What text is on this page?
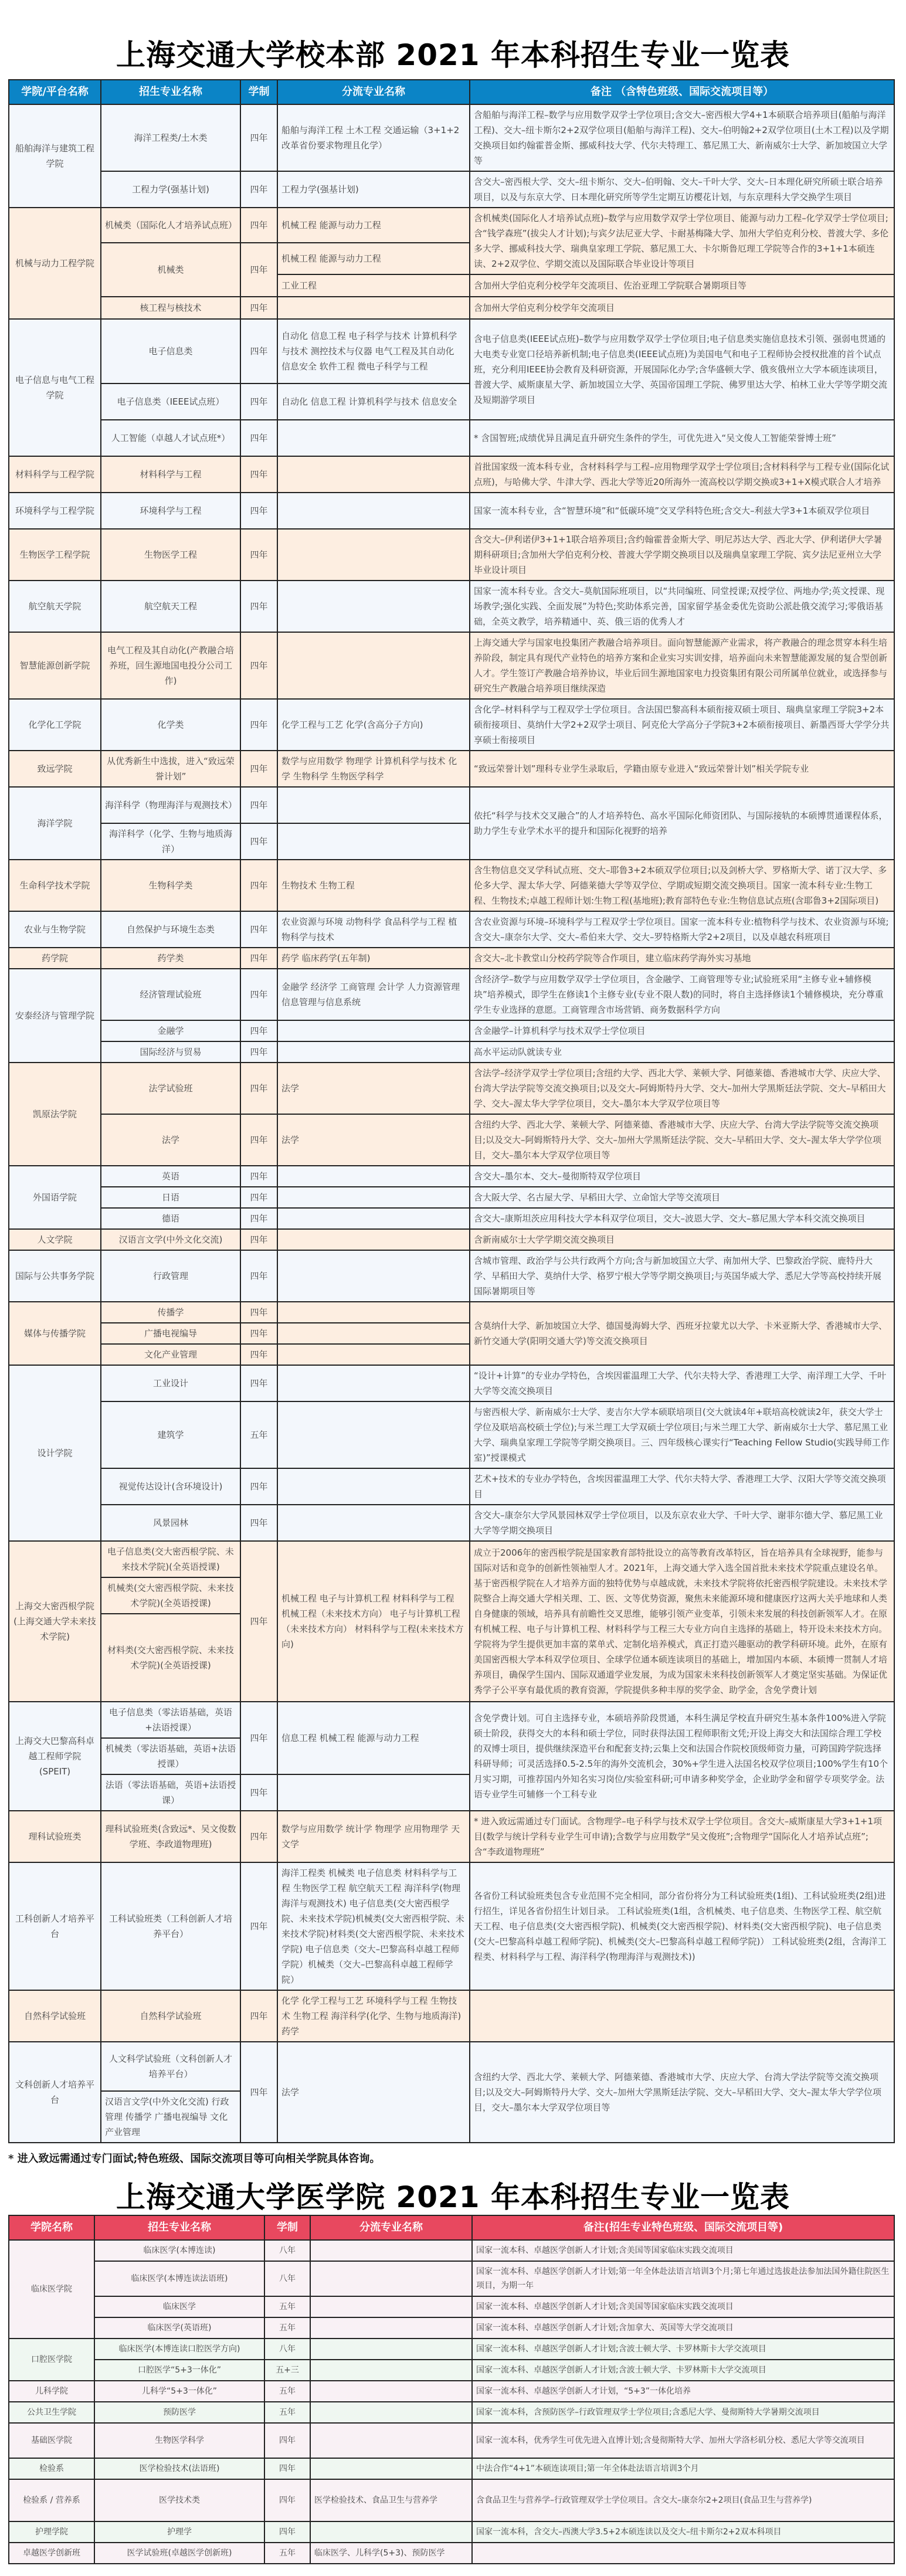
上海交通大学校本部 2021 年本科招生专业一览表
学院/平台名称	招生专业名称	学制	分流专业名称	备注 （含特色班级、国际交流项目等）
船舶海洋与建筑工程学院	海洋工程类/土木类	四年	船舶与海洋工程 土木工程 交通运输（3+1+2改革省份要求物理且化学）	含船舶与海洋工程–数学与应用数学双学士学位项目;含交大–密西根大学4+1本硕联合培养项目(船舶与海洋工程)、交大–纽卡斯尔2+2双学位项目(船舶与海洋工程)、交大–伯明翰2+2双学位项目(土木工程)以及学期交换项目如约翰霍普金斯、挪威科技大学、代尔夫特理工、慕尼黑工大、新南威尔士大学、新加坡国立大学等
	工程力学(强基计划)	四年	工程力学(强基计划)	含交大–密西根大学、交大–纽卡斯尔、交大–伯明翰、交大–千叶大学、交大–日本理化研究所硕士联合培养项目，以及与东京大学、日本理化研究所等学生定期互访樱花计划，与东京理科大学交换学生项目
机械与动力工程学院	机械类（国际化人才培养试点班）	四年	机械工程 能源与动力工程	含机械类(国际化人才培养试点班)–数学与应用数学双学士学位项目、能源与动力工程–化学双学士学位项目;含“钱学森班”(拔尖人才计划);与宾夕法尼亚大学、卡耐基梅隆大学、加州大学伯克利分校、普渡大学、多伦多大学、挪威科技大学、瑞典皇家理工学院、慕尼黑工大、卡尔斯鲁厄理工学院等合作的3+1+1本硕连读、2+2双学位、学期交流以及国际联合毕业设计等项目
	机械类	四年	机械工程 能源与动力工程	
			工业工程	含加州大学伯克利分校学年交流项目、佐治亚理工学院联合暑期项目等
	核工程与核技术	四年		含加州大学伯克利分校学年交流项目
电子信息与电气工程学院	电子信息类	四年	自动化 信息工程 电子科学与技术 计算机科学与技术 测控技术与仪器 电气工程及其自动化 信息安全 软件工程 微电子科学与工程	含电子信息类(IEEE试点班)–数学与应用数学双学士学位项目;电子信息类实施信息技术引领、强弱电贯通的大电类专业宽口径培养新机制;电子信息类(IEEE试点班)为美国电气和电子工程师协会授权批准的首个试点班，充分利用IEEE协会教育及科研资源，开展国际化办学;含华盛顿大学、俄亥俄州立大学本硕连读项目，普渡大学、威斯康星大学、新加坡国立大学、英国帝国理工学院、佛罗里达大学、柏林工业大学等学期交流及短期游学项目
	电子信息类（IEEE试点班）	四年	自动化 信息工程 计算机科学与技术 信息安全	
	人工智能（卓越人才试点班*）	四年		* 含国智班;成绩优异且满足直升研究生条件的学生，可优先进入“吴文俊人工智能荣誉博士班”
材料科学与工程学院	材料科学与工程	四年		首批国家级一流本科专业，含材料科学与工程–应用物理学双学士学位项目;含材料科学与工程专业(国际化试点班)，与哈佛大学、牛津大学、西北大学等近20所海外一流高校以学期交换或3+1+X模式联合人才培养
环境科学与工程学院	环境科学与工程	四年		国家一流本科专业，含“智慧环境”和“低碳环境”交叉学科特色班;含交大–利兹大学3+1本硕双学位项目
生物医学工程学院	生物医学工程	四年		含交大–伊利诺伊3+1+1联合培养项目;含约翰霍普金斯大学、明尼苏达大学、西北大学、伊利诺伊大学暑期科研项目;含加州大学伯克利分校、普渡大学学期交换项目以及瑞典皇家理工学院、宾夕法尼亚州立大学毕业设计项目
航空航天学院	航空航天工程	四年		国家一流本科专业。含交大–莫航国际班项目，以“共同编班、同堂授课;双授学位、两地办学;英文授课、现场教学;强化实践、全面发展”为特色;奖助体系完善，国家留学基金委优先资助公派赴俄交流学习;零俄语基础，全英文教学，培养精通中、英、俄三语的优秀人才
智慧能源创新学院	电气工程及其自动化(产教融合培养班，回生源地国电投分公司工作)	四年		上海交通大学与国家电投集团产教融合培养项目。面向智慧能源产业需求，将产教融合的理念贯穿本科生培养阶段，制定具有现代产业特色的培养方案和企业实习实训安排，培养面向未来智慧能源发展的复合型创新人才。学生签订产教融合培养协议，毕业后回生源地国家电力投资集团有限公司所属单位就业，或选择参与研究生产教融合培养项目继续深造
化学化工学院	化学类	四年	化学工程与工艺 化学(含高分子方向)	含化学–材料科学与工程双学士学位项目。含法国巴黎高科本硕衔接双硕士项目、瑞典皇家理工学院3+2本硕衔接项目、莫纳什大学2+2双学士项目、阿克伦大学高分子学院3+2本硕衔接项目、新墨西哥大学学分共享硕士衔接项目
致远学院	从优秀新生中选拔，进入“致远荣誉计划”	四年	数学与应用数学 物理学 计算机科学与技术 化学 生物科学 生物医学科学	“致远荣誉计划”理科专业学生录取后，学籍由原专业进入“致远荣誉计划”相关学院专业
海洋学院	海洋科学（物理海洋与观测技术）	四年		依托“科学与技术交叉融合”的人才培养特色、高水平国际化师资团队、与国际接轨的本硕博贯通课程体系，助力学生专业学术水平的提升和国际化视野的培养
	海洋科学（化学、生物与地质海洋）	四年		
生命科学技术学院	生物科学类	四年	生物技术 生物工程	含生物信息交叉学科试点班、交大–耶鲁3+2本硕双学位项目;以及剑桥大学、罗格斯大学、诺丁汉大学、多伦多大学、渥太华大学、阿德莱德大学等双学位、学期或短期交流交换项目。国家一流本科专业:生物工程、生物技术;卓越工程师计划:生物工程(基地班);教育部特色专业:生物信息试点班(含耶鲁3+2国际项目)
农业与生物学院	自然保护与环境生态类	四年	农业资源与环境 动物科学 食品科学与工程 植物科学与技术	含农业资源与环境–环境科学与工程双学士学位项目。国家一流本科专业:植物科学与技术、农业资源与环境;含交大–康奈尔大学、交大–希伯来大学、交大–罗特格斯大学2+2项目，以及卓越农科班项目
药学院	药学类	四年	药学 临床药学(五年制)	含交大–北卡教堂山分校药学院等合作项目，建立临床药学海外实习基地
安泰经济与管理学院	经济管理试验班	四年	金融学 经济学 工商管理 会计学 人力资源管理 信息管理与信息系统	含经济学–数学与应用数学双学士学位项目，含金融学、工商管理等专业;试验班采用“主修专业+辅修模块”培养模式，即学生在修读1个主修专业(专业不限人数)的同时，将自主选择修读1个辅修模块，充分尊重学生专业选择的意愿。工商管理含市场营销、商务数据科学方向
	金融学	四年		含金融学–计算机科学与技术双学士学位项目
	国际经济与贸易	四年		高水平运动队就读专业
凯原法学院	法学试验班	四年	法学	含法学–经济学双学士学位项目;含纽约大学、西北大学、莱顿大学、阿德莱德、香港城市大学、庆应大学、台湾大学法学院等交流交换项目;以及交大–阿姆斯特丹大学、交大–加州大学黑斯廷法学院、交大–早稻田大学、交大–渥太华大学学位项目，交大–墨尔本大学双学位项目等
	法学	四年	法学	含纽约大学、西北大学、莱顿大学、阿德莱德、香港城市大学、庆应大学、台湾大学法学院等交流交换项目;以及交大–阿姆斯特丹大学、交大–加州大学黑斯廷法学院、交大–早稻田大学、交大–渥太华大学学位项目，交大–墨尔本大学双学位项目等
外国语学院	英语	四年		含交大–墨尔本、交大–曼彻斯特双学位项目
	日语	四年		含大阪大学、名古屋大学、早稻田大学、立命馆大学等交流项目
	德语	四年		含交大–康斯坦茨应用科技大学本科双学位项目，交大–波恩大学、交大–慕尼黑大学本科交流交换项目
人文学院	汉语言文学(中外文化交流)	四年		含新南威尔士大学学期交流交换项目
国际与公共事务学院	行政管理	四年		含城市管理、政治学与公共行政两个方向;含与新加坡国立大学、南加州大学、巴黎政治学院、鹿特丹大学、早稻田大学、莫纳什大学、格罗宁根大学等学期交换项目;与英国华威大学、悉尼大学等高校持续开展国际暑期项目等
媒体与传播学院	传播学	四年		含莫纳什大学、新加坡国立大学、德国曼海姆大学、西班牙拉蒙尤以大学、卡米亚斯大学、香港城市大学、新竹交通大学(阳明交通大学)等交流交换项目
	广播电视编导	四年		
	文化产业管理	四年		
设计学院	工业设计	四年		“设计+计算”的专业办学特色，含埃因霍温理工大学、代尔夫特大学、香港理工大学、南洋理工大学、千叶大学等交流交换项目
	建筑学	五年		与密西根大学、新南威尔士大学、麦吉尔大学本硕联培项目(交大就读4年+联培高校就读2年，获交大学士学位及联培高校硕士学位);与米兰理工大学双硕士学位项目;与米兰理工大学、新南威尔士大学、慕尼黑工业大学、瑞典皇家理工学院等学期交换项目。三、四年级核心课实行“Teaching Fellow Studio(实践导师工作室)”授课模式
	视觉传达设计(含环境设计)	四年		艺术+技术的专业办学特色，含埃因霍温理工大学、代尔夫特大学、香港理工大学、汉阳大学等交流交换项目
	风景园林	四年		含交大–康奈尔大学风景园林双学士学位项目，以及东京农业大学、千叶大学、谢菲尔德大学、慕尼黑工业大学等学期交换项目
上海交大密西根学院(上海交通大学未来技术学院)	电子信息类(交大密西根学院、未来技术学院)(全英语授课)	四年	机械工程 电子与计算机工程 材料科学与工程 机械工程（未来技术方向） 电子与计算机工程（未来技术方向） 材料科学与工程(未来技术方向)	成立于2006年的密西根学院是国家教育部特批设立的高等教育改革特区，旨在培养具有全球视野，能参与国际对话和竞争的创新性领袖型人才。2021年，上海交通大学入选全国首批未来技术学院重点建设名单。基于密西根学院在人才培养方面的独特优势与卓越成就，未来技术学院将依托密西根学院建设。未来技术学院整合上海交通大学相关理、工、医、文等优势资源，聚焦未来能源环境和健康医疗这两大关乎地球和人类自身健康的领域，培养具有前瞻性交叉思维，能够引领产业变革，引领未来发展的科技创新领军人才。在原有机械工程、电子与计算机工程、材料科学与工程三大专业方向自主选择的基础上，特开设未来技术方向。学院将为学生提供更加丰富的菜单式、定制化培养模式，真正打造兴趣驱动的教学科研环境。此外，在原有美国密西根大学本科双学位项目、全球学位通本硕连读项目的基础上，增加国内本硕、本硕博一贯制人才培养项目，确保学生国内、国际双通道学业发展，为成为国家未来科技创新领军人才奠定坚实基础。为保证优秀学子公平享有最优质的教育资源，学院提供多种丰厚的奖学金、助学金，含免学费计划
	机械类(交大密西根学院、未来技术学院)(全英语授课)			
	材料类(交大密西根学院、未来技术学院)(全英语授课)			
上海交大巴黎高科卓越工程师学院(SPEIT)	电子信息类（零法语基础，英语+法语授课）	四年	信息工程 机械工程 能源与动力工程	含免学费计划。可自主选择专业，本硕培养阶段贯通，本科生满足学校直升研究生基本条件100%进入学院硕士阶段，获得交大的本科和硕士学位，同时获得法国工程师职衔文凭;开设上海交大和法国综合理工学校的双博士项目，提供继续深造平台和配套支持;云集上交和法国合作院校顶级师资力量，可跨国跨学院选择科研导师；可灵活选择0.5-2.5年的海外交流机会，30%+学生进入法国名校双学位项目;100%学生有10个月实习期，可推荐国内外知名实习岗位/实验室科研;可申请多种奖学金，企业助学金和留学专项奖学金。法语专业学生可辅修一个工科专业
	机械类（零法语基础，英语+法语授课）			
	法语（零法语基础，英语+法语授课）	四年		
理科试验班类	理科试验班类(含致远*、吴文俊数学班、李政道物理班)	四年	数学与应用数学 统计学 物理学 应用物理学 天文学	* 进入致远需通过专门面试。含物理学–电子科学与技术双学士学位项目。含交大–威斯康星大学3+1+1项目(数学与统计学科专业学生可申请);含数学与应用数学“吴文俊班”;含物理学“国际化人才培养试点班”;含“李政道物理班”
工科创新人才培养平台	工科试验班类（工科创新人才培养平台）	四年	海洋工程类 机械类 电子信息类 材料科学与工程 生物医学工程 航空航天工程 海洋科学(物理海洋与观测技术) 电子信息类(交大密西根学院、未来技术学院)机械类(交大密西根学院、未来技术学院)材料类(交大密西根学院、未来技术学院) 电子信息类（交大–巴黎高科卓越工程师学院）机械类（交大–巴黎高科卓越工程师学院）	各省份工科试验班类包含专业范围不完全相同，部分省份将分为工科试验班类(1组)、工科试验班类(2组)进行招生，详见各省份招生计划目录。 工科试验班类(1组，含机械类、电子信息类、生物医学工程、航空航天工程、电子信息类(交大密西根学院)、机械类(交大密西根学院)、材料类(交大密西根学院)、电子信息类(交大–巴黎高科卓越工程师学院)、机械类(交大–巴黎高科卓越工程师学院)） 工科试验班类(2组，含海洋工程类、材料科学与工程、海洋科学(物理海洋与观测技术))
自然科学试验班	自然科学试验班	四年	化学 化学工程与工艺 环境科学与工程 生物技术 生物工程 海洋科学(化学、生物与地质海洋) 药学	
文科创新人才培养平台	人文科学试验班（文科创新人才培养平台）	四年	法学	含纽约大学、西北大学、莱顿大学、阿德莱德、香港城市大学、庆应大学、台湾大学法学院等交流交换项目;以及交大–阿姆斯特丹大学、交大–加州大学黑斯廷法学院、交大–早稻田大学、交大–渥太华大学学位项目，交大–墨尔本大学双学位项目等
	汉语言文学(中外文化交流) 行政管理 传播学 广播电视编导 文化产业管理			

* 进入致远需通过专门面试;特色班级、国际交流项目等可向相关学院具体咨询。

上海交通大学医学院 2021 年本科招生专业一览表
学院名称	招生专业名称	学制	分流专业名称	备注(招生专业特色班级、国际交流项目等)
临床医学院	临床医学(本博连读)	八年		国家一流本科、卓越医学创新人才计划;含美国等国家临床实践交流项目
	临床医学(本博连读法语班)	八年		国家一流本科、卓越医学创新人才计划;第一年全体赴法语言培训3个月;第七年通过选拔赴法参加法国外籍住院医生项目，为期一年
	临床医学	五年		国家一流本科、卓越医学创新人才计划;含美国等国家临床实践交流项目
	临床医学(英语班)	五年		国家一流本科、卓越医学创新人才计划;含加拿大、英国等大学交流项目
口腔医学院	临床医学(本博连读口腔医学方向)	八年		国家一流本科、卓越医学创新人才计划;含波士顿大学、卡罗林斯卡大学交流项目
	口腔医学“5+3一体化”	五+三		国家一流本科、卓越医学创新人才计划;含波士顿大学、卡罗林斯卡大学交流项目
儿科学院	儿科学“5+3一体化”	五年		国家一流本科、卓越医学创新人才计划，“5+3”一体化培养
公共卫生学院	预防医学	五年		国家一流本科，含预防医学–行政管理双学士学位项目;含悉尼大学、曼彻斯特大学暑期交流项目
基础医学院	生物医学科学	四年		国家一流本科，优秀学生可优先进入直博计划;含曼彻斯特大学、加州大学洛杉矶分校、悉尼大学等交流项目
检验系	医学检验技术(法语班)	四年		中法合作“4+1”本硕连读项目;第一年全体赴法语言培训3个月
检验系 / 营养系	医学技术类	四年	医学检验技术、食品卫生与营养学	含食品卫生与营养学–行政管理双学士学位项目。含交大–康奈尔2+2项目(食品卫生与营养学)
护理学院	护理学	四年		国家一流本科，含交大–西澳大学3.5+2本硕连读以及交大–纽卡斯尔2+2双本科项目
卓越医学创新班	医学试验班(卓越医学创新班)	五年	临床医学、儿科学(5+3)、预防医学	
